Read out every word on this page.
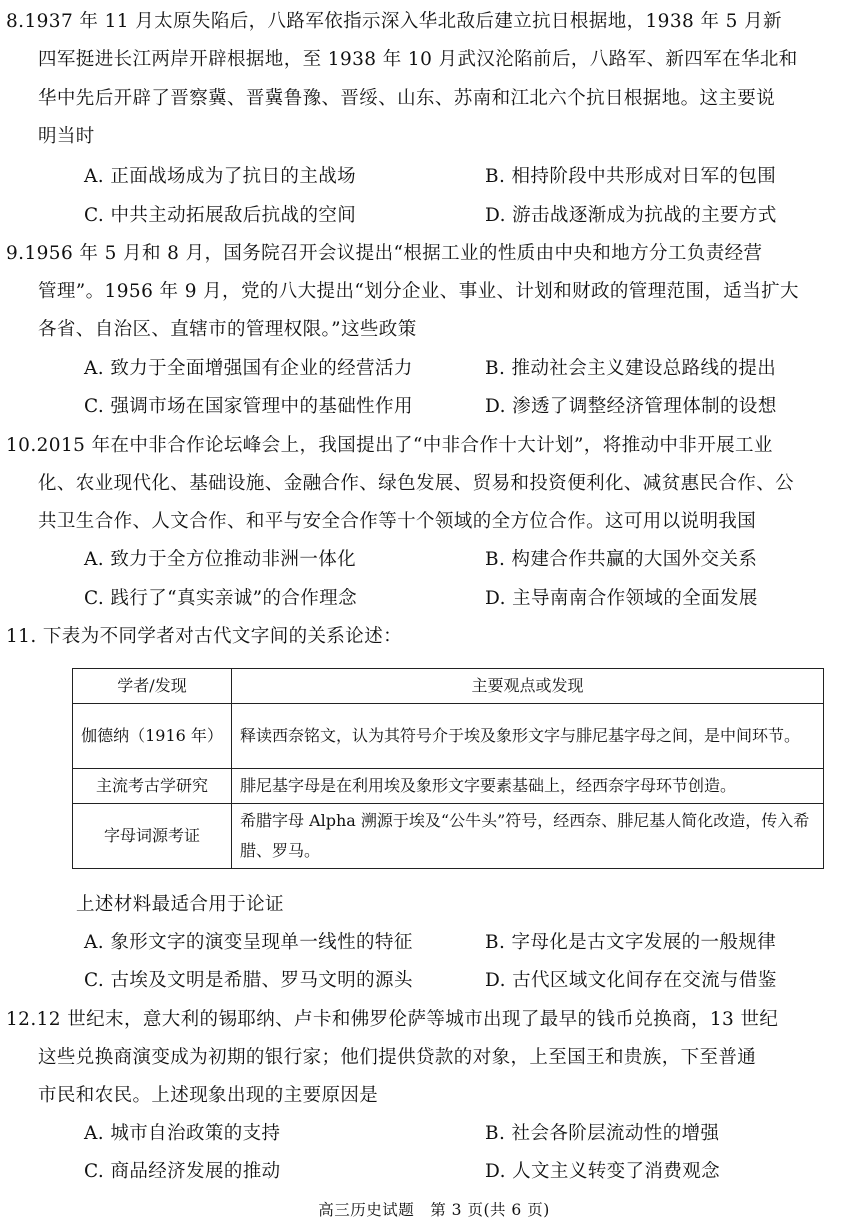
8.1937 年 11 月太原失陷后，八路军依指示深入华北敌后建立抗日根据地，1938 年 5 月新
四军挺进长江两岸开辟根据地，至 1938 年 10 月武汉沦陷前后，八路军、新四军在华北和
华中先后开辟了晋察冀、晋冀鲁豫、晋绥、山东、苏南和江北六个抗日根据地。这主要说
明当时
A. 正面战场成为了抗日的主战场	B. 相持阶段中共形成对日军的包围
C. 中共主动拓展敌后抗战的空间	D. 游击战逐渐成为抗战的主要方式
9.1956 年 5 月和 8 月，国务院召开会议提出“根据工业的性质由中央和地方分工负责经营
管理”。1956 年 9 月，党的八大提出“划分企业、事业、计划和财政的管理范围，适当扩大
各省、自治区、直辖市的管理权限。”这些政策
A. 致力于全面增强国有企业的经营活力	B. 推动社会主义建设总路线的提出
C. 强调市场在国家管理中的基础性作用	D. 渗透了调整经济管理体制的设想
10.2015 年在中非合作论坛峰会上，我国提出了“中非合作十大计划”，将推动中非开展工业
化、农业现代化、基础设施、金融合作、绿色发展、贸易和投资便利化、减贫惠民合作、公
共卫生合作、人文合作、和平与安全合作等十个领域的全方位合作。这可用以说明我国
A. 致力于全方位推动非洲一体化	B. 构建合作共赢的大国外交关系
C. 践行了“真实亲诚”的合作理念	D. 主导南南合作领域的全面发展
11. 下表为不同学者对古代文字间的关系论述：
学者/发现	主要观点或发现
伽德纳（1916 年）	释读西奈铭文，认为其符号介于埃及象形文字与腓尼基字母之间，是中间环节。
主流考古学研究	腓尼基字母是在利用埃及象形文字要素基础上，经西奈字母环节创造。
字母词源考证	希腊字母 Alpha 溯源于埃及“公牛头”符号，经西奈、腓尼基人简化改造，传入希腊、罗马。
上述材料最适合用于论证
A. 象形文字的演变呈现单一线性的特征	B. 字母化是古文字发展的一般规律
C. 古埃及文明是希腊、罗马文明的源头	D. 古代区域文化间存在交流与借鉴
12.12 世纪末，意大利的锡耶纳、卢卡和佛罗伦萨等城市出现了最早的钱币兑换商，13 世纪
这些兑换商演变成为初期的银行家；他们提供贷款的对象，上至国王和贵族，下至普通
市民和农民。上述现象出现的主要原因是
A. 城市自治政策的支持	B. 社会各阶层流动性的增强
C. 商品经济发展的推动	D. 人文主义转变了消费观念
高三历史试题　第 3 页(共 6 页)
